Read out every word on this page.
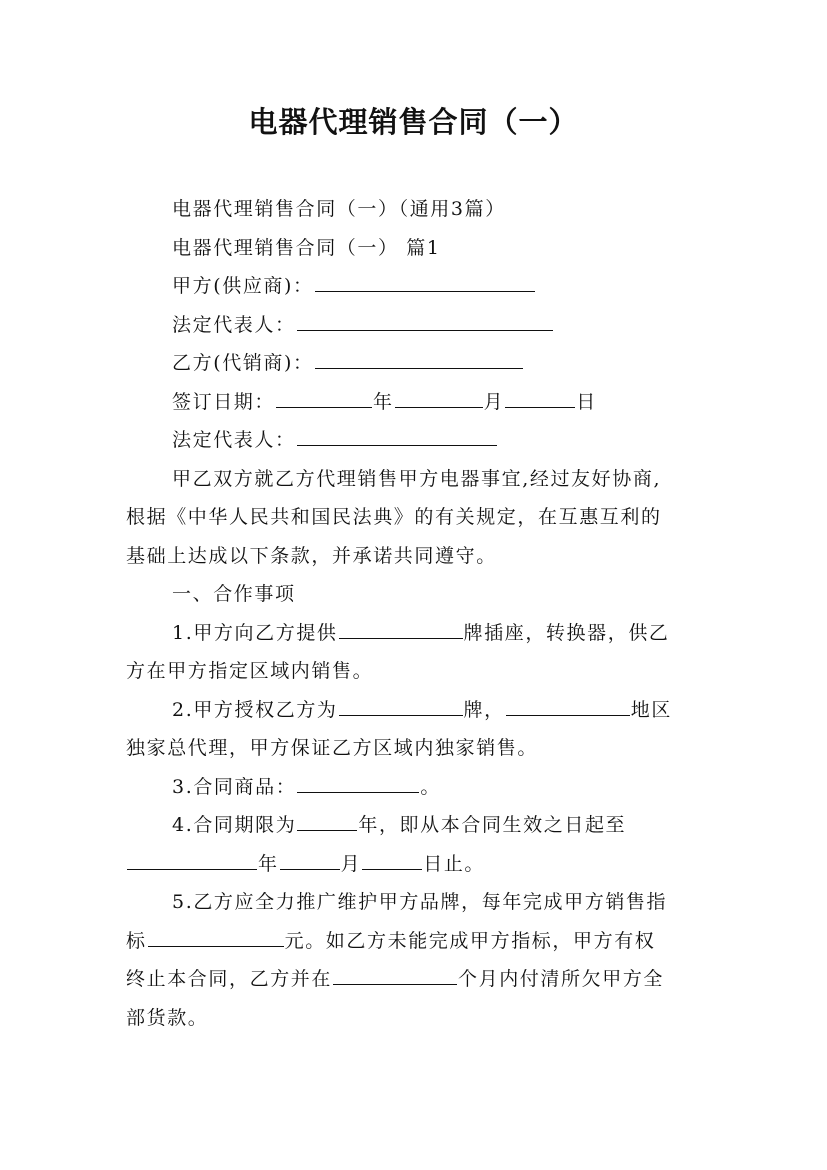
电器代理销售合同（一）
电器代理销售合同（一）（通用3篇）
电器代理销售合同（一） 篇1
甲方(供应商)：
法定代表人：
乙方(代销商)：
签订日期：	年	月	日
法定代表人：
甲乙双方就乙方代理销售甲方电器事宜,经过友好协商,
根据《中华人民共和国民法典》的有关规定，在互惠互利的
基础上达成以下条款，并承诺共同遵守。
一、合作事项
1.甲方向乙方提供	牌插座，转换器，供乙
方在甲方指定区域内销售。
2.甲方授权乙方为	牌，	地区
独家总代理，甲方保证乙方区域内独家销售。
3.合同商品：	。
4.合同期限为	年，即从本合同生效之日起至
年	月	日止。
5.乙方应全力推广维护甲方品牌，每年完成甲方销售指
标	元。如乙方未能完成甲方指标，甲方有权
终止本合同，乙方并在	个月内付清所欠甲方全
部货款。
